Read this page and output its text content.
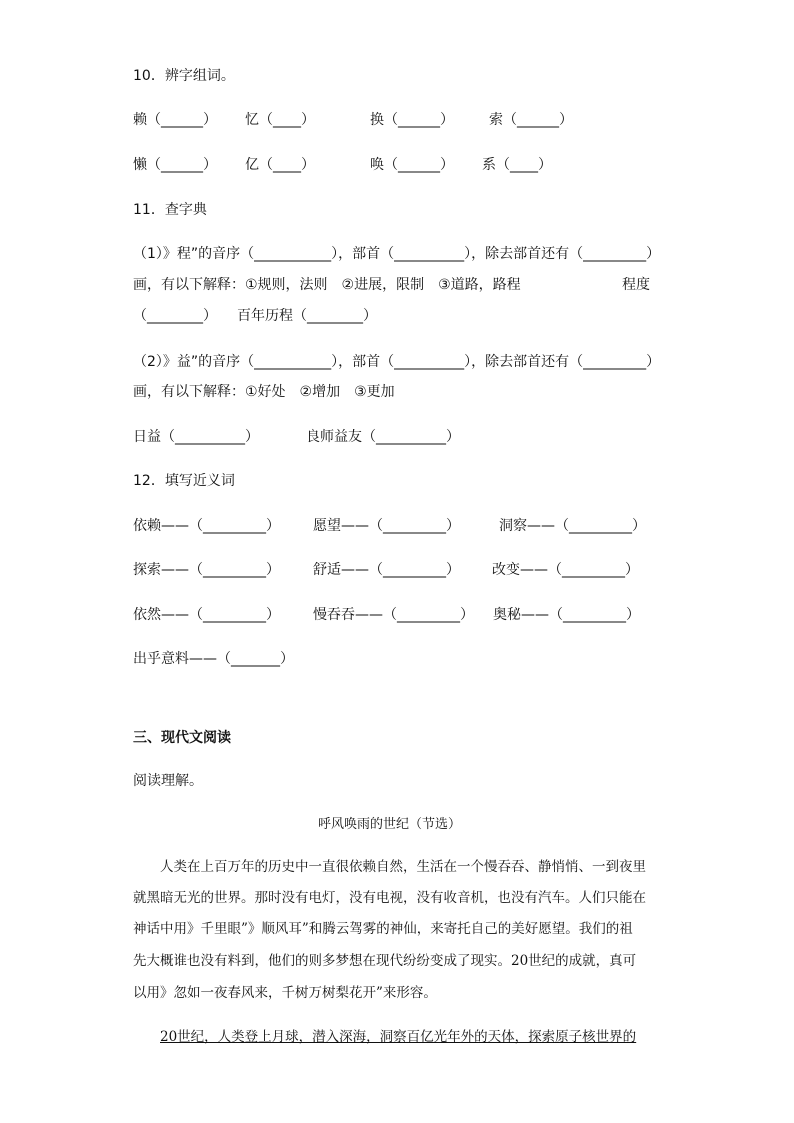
10．辨字组词。
赖（______） 忆（____）	换（______）	索（______）
懒（______） 亿（____）	唤（______） 系（____）
11．查字典
（1）》程”的音序（___________），部首（__________），除去部首还有（_________）
画，有以下解释：①规则，法则　②进展，限制　③道路，路程	程度
（________） 百年历程（________）
（2）》益”的音序（___________），部首（__________），除去部首还有（_________）
画，有以下解释：①好处　②增加　③更加
日益（__________）	良师益友（__________）
12．填写近义词
依赖——（_________） 愿望——（_________）	洞察——（_________）
探索——（_________） 舒适——（_________） 改变——（_________）
依然——（_________） 慢吞吞——（_________） 奥秘——（_________）
出乎意料——（_______）
三、现代文阅读
阅读理解。
呼风唤雨的世纪（节选）
　　人类在上百万年的历史中一直很依赖自然，生活在一个慢吞吞、静悄悄、一到夜里
就黑暗无光的世界。那时没有电灯，没有电视，没有收音机，也没有汽车。人们只能在
神话中用》千里眼”》顺风耳”和腾云驾雾的神仙，来寄托自己的美好愿望。我们的祖
先大概谁也没有料到，他们的则多梦想在现代纷纷变成了现实。20世纪的成就，真可
以用》忽如一夜春风来，千树万树梨花开”来形容。
20世纪，人类登上月球，潜入深海，洞察百亿光年外的天体，探索原子核世界的
